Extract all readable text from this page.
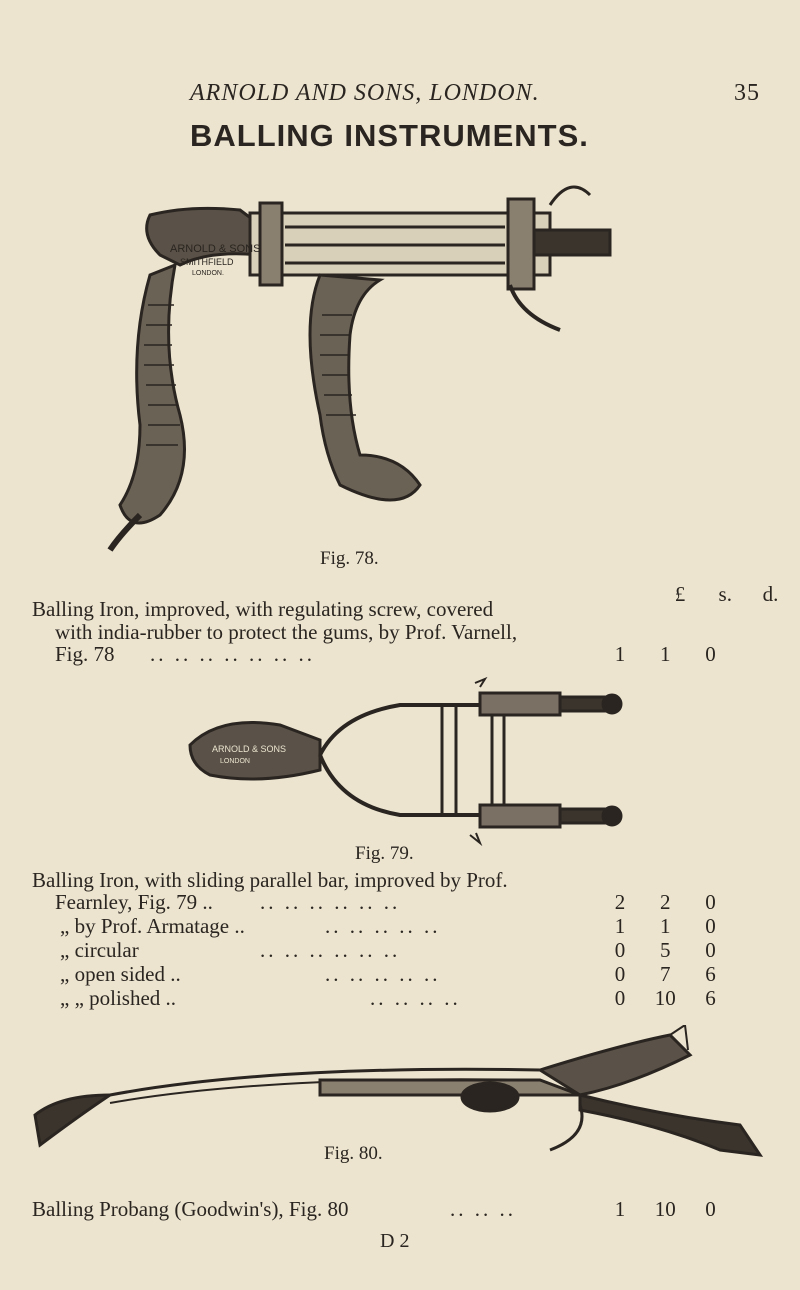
ARNOLD AND SONS, LONDON.	35
BALLING INSTRUMENTS.
ARNOLD & SONS
SMITHFIELD
LONDON.
Fig. 78.
£ s. d.
Balling Iron, improved, with regulating screw, covered
with india-rubber to protect the gums, by Prof. Varnell,
Fig. 78 .. .. .. .. .. .. ..	1 1 0
ARNOLD & SONS
LONDON
Fig. 79.
Balling Iron, with sliding parallel bar, improved by Prof.
Fearnley, Fig. 79 .. .. .. .. .. .. ..	2 2 0
„ by Prof. Armatage ..	.. .. .. .. ..	1 1 0
„ circular	.. .. .. .. .. ..	0 5 0
„ open sided ..	.. .. .. .. ..	0 7 6
„ „ polished ..	.. .. .. ..	0 10 6
Fig. 80.
Balling Probang (Goodwin's), Fig. 80	.. .. ..	1 10 0
D 2
